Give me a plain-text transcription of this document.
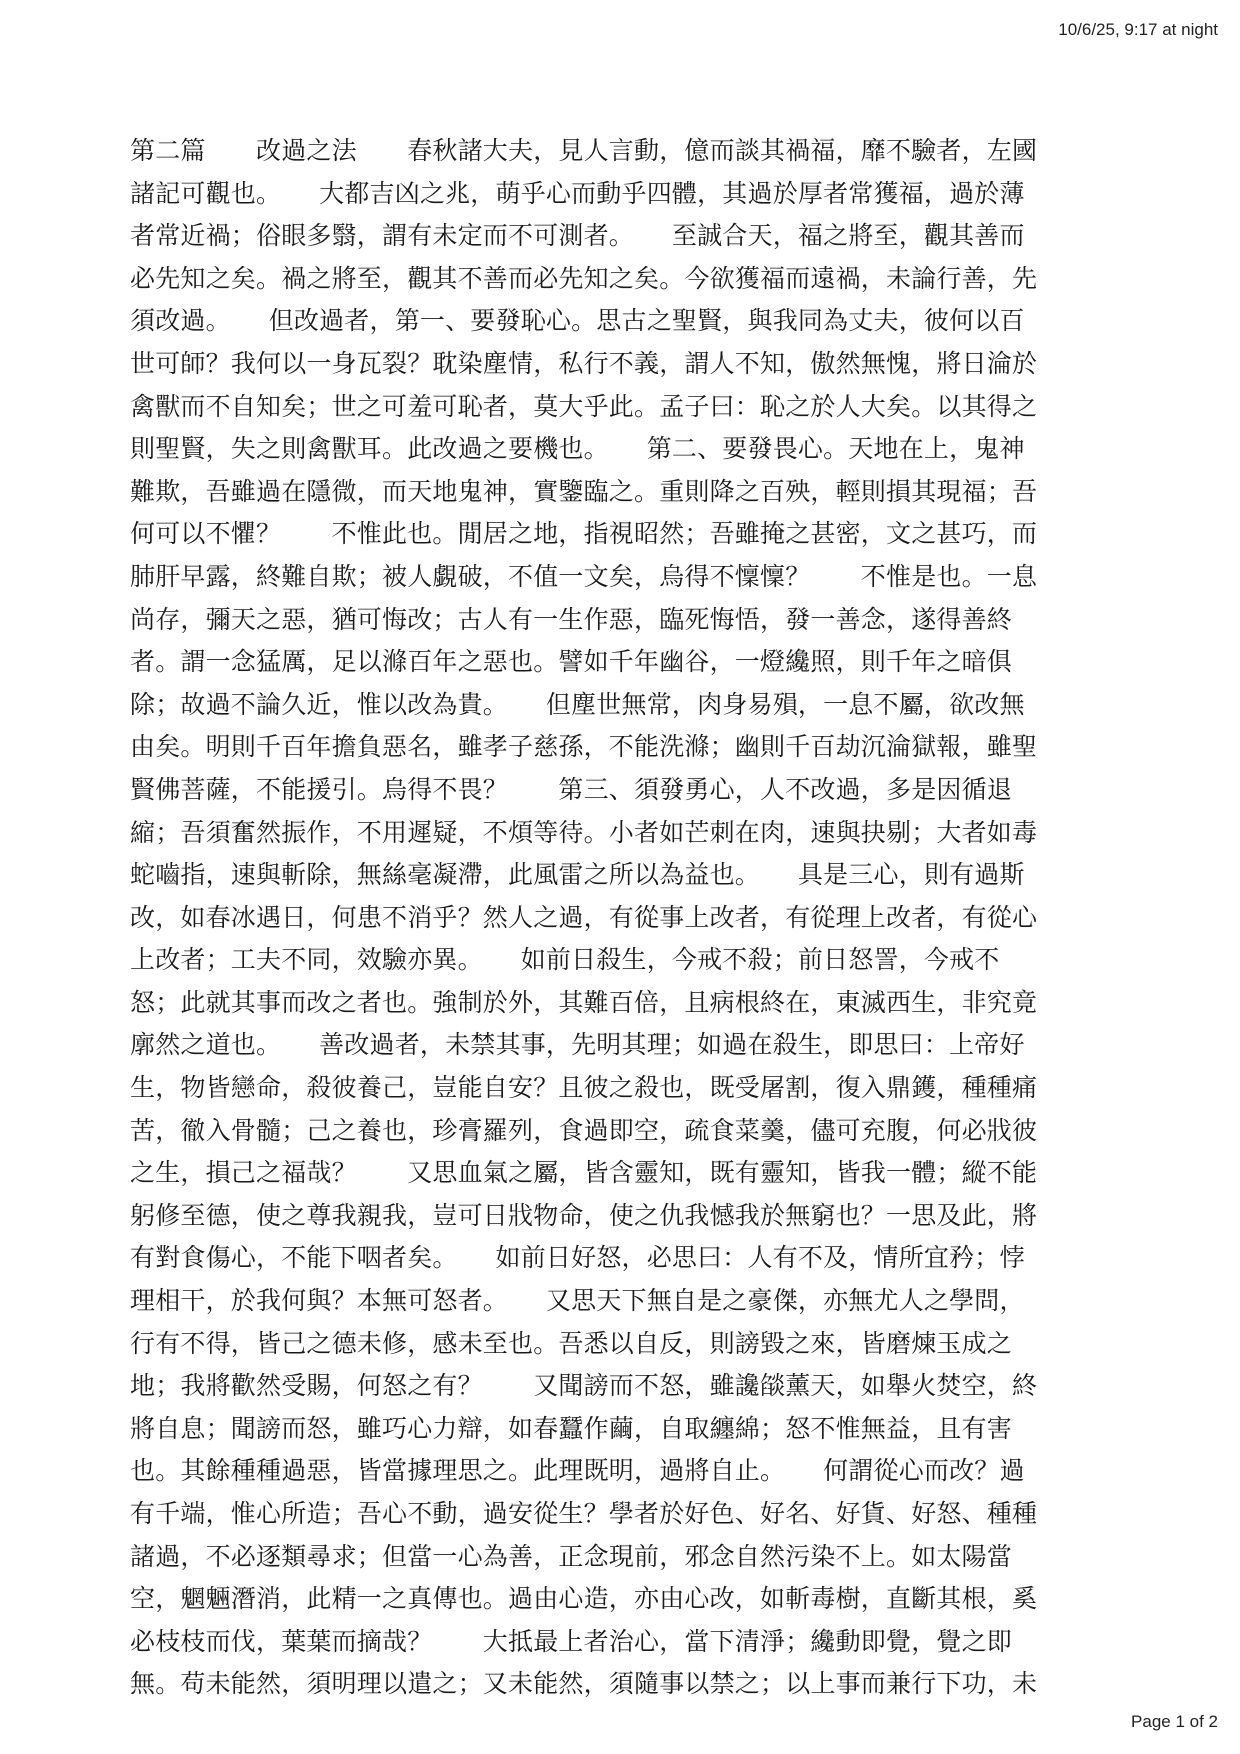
10/6/25, 9:17 at night
第二篇　　改過之法　　春秋諸大夫，見人言動，億而談其禍福，靡不驗者，左國
諸記可觀也。　　大都吉凶之兆，萌乎心而動乎四體，其過於厚者常獲福，過於薄
者常近禍；俗眼多翳，謂有未定而不可測者。　　至誠合天，福之將至，觀其善而
必先知之矣。禍之將至，觀其不善而必先知之矣。今欲獲福而遠禍，未論行善，先
須改過。　　但改過者，第一、要發恥心。思古之聖賢，與我同為丈夫，彼何以百
世可師？我何以一身瓦裂？耽染塵情，私行不義，謂人不知，傲然無愧，將日淪於
禽獸而不自知矣；世之可羞可恥者，莫大乎此。孟子曰：恥之於人大矣。以其得之
則聖賢，失之則禽獸耳。此改過之要機也。　　第二、要發畏心。天地在上，鬼神
難欺，吾雖過在隱微，而天地鬼神，實鑒臨之。重則降之百殃，輕則損其現福；吾
何可以不懼？　　不惟此也。閒居之地，指視昭然；吾雖掩之甚密，文之甚巧，而
肺肝早露，終難自欺；被人覷破，不值一文矣，烏得不懍懍？　　不惟是也。一息
尚存，彌天之惡，猶可悔改；古人有一生作惡，臨死悔悟，發一善念，遂得善終
者。謂一念猛厲，足以滌百年之惡也。譬如千年幽谷，一燈纔照，則千年之暗俱
除；故過不論久近，惟以改為貴。　　但塵世無常，肉身易殞，一息不屬，欲改無
由矣。明則千百年擔負惡名，雖孝子慈孫，不能洗滌；幽則千百劫沉淪獄報，雖聖
賢佛菩薩，不能援引。烏得不畏？　　第三、須發勇心，人不改過，多是因循退
縮；吾須奮然振作，不用遲疑，不煩等待。小者如芒刺在肉，速與抉剔；大者如毒
蛇嚙指，速與斬除，無絲毫凝滯，此風雷之所以為益也。　　具是三心，則有過斯
改，如春冰遇日，何患不消乎？然人之過，有從事上改者，有從理上改者，有從心
上改者；工夫不同，效驗亦異。　　如前日殺生，今戒不殺；前日怒詈，今戒不
怒；此就其事而改之者也。強制於外，其難百倍，且病根終在，東滅西生，非究竟
廓然之道也。　　善改過者，未禁其事，先明其理；如過在殺生，即思曰：上帝好
生，物皆戀命，殺彼養己，豈能自安？且彼之殺也，既受屠割，復入鼎鑊，種種痛
苦，徹入骨髓；己之養也，珍膏羅列，食過即空，疏食菜羹，儘可充腹，何必戕彼
之生，損己之福哉？　　又思血氣之屬，皆含靈知，既有靈知，皆我一體；縱不能
躬修至德，使之尊我親我，豈可日戕物命，使之仇我憾我於無窮也？一思及此，將
有對食傷心，不能下咽者矣。　　如前日好怒，必思曰：人有不及，情所宜矜；悖
理相干，於我何與？本無可怒者。　　又思天下無自是之豪傑，亦無尤人之學問，
行有不得，皆己之德未修，感未至也。吾悉以自反，則謗毀之來，皆磨煉玉成之
地；我將歡然受賜，何怒之有？　　又聞謗而不怒，雖讒燄薰天，如舉火焚空，終
將自息；聞謗而怒，雖巧心力辯，如春蠶作繭，自取纏綿；怒不惟無益，且有害
也。其餘種種過惡，皆當據理思之。此理既明，過將自止。　　何謂從心而改？過
有千端，惟心所造；吾心不動，過安從生？學者於好色、好名、好貨、好怒、種種
諸過，不必逐類尋求；但當一心為善，正念現前，邪念自然污染不上。如太陽當
空，魍魎潛消，此精一之真傳也。過由心造，亦由心改，如斬毒樹，直斷其根，奚
必枝枝而伐，葉葉而摘哉？　　大抵最上者治心，當下清淨；纔動即覺，覺之即
無。苟未能然，須明理以遣之；又未能然，須隨事以禁之；以上事而兼行下功，未
Page 1 of 2
